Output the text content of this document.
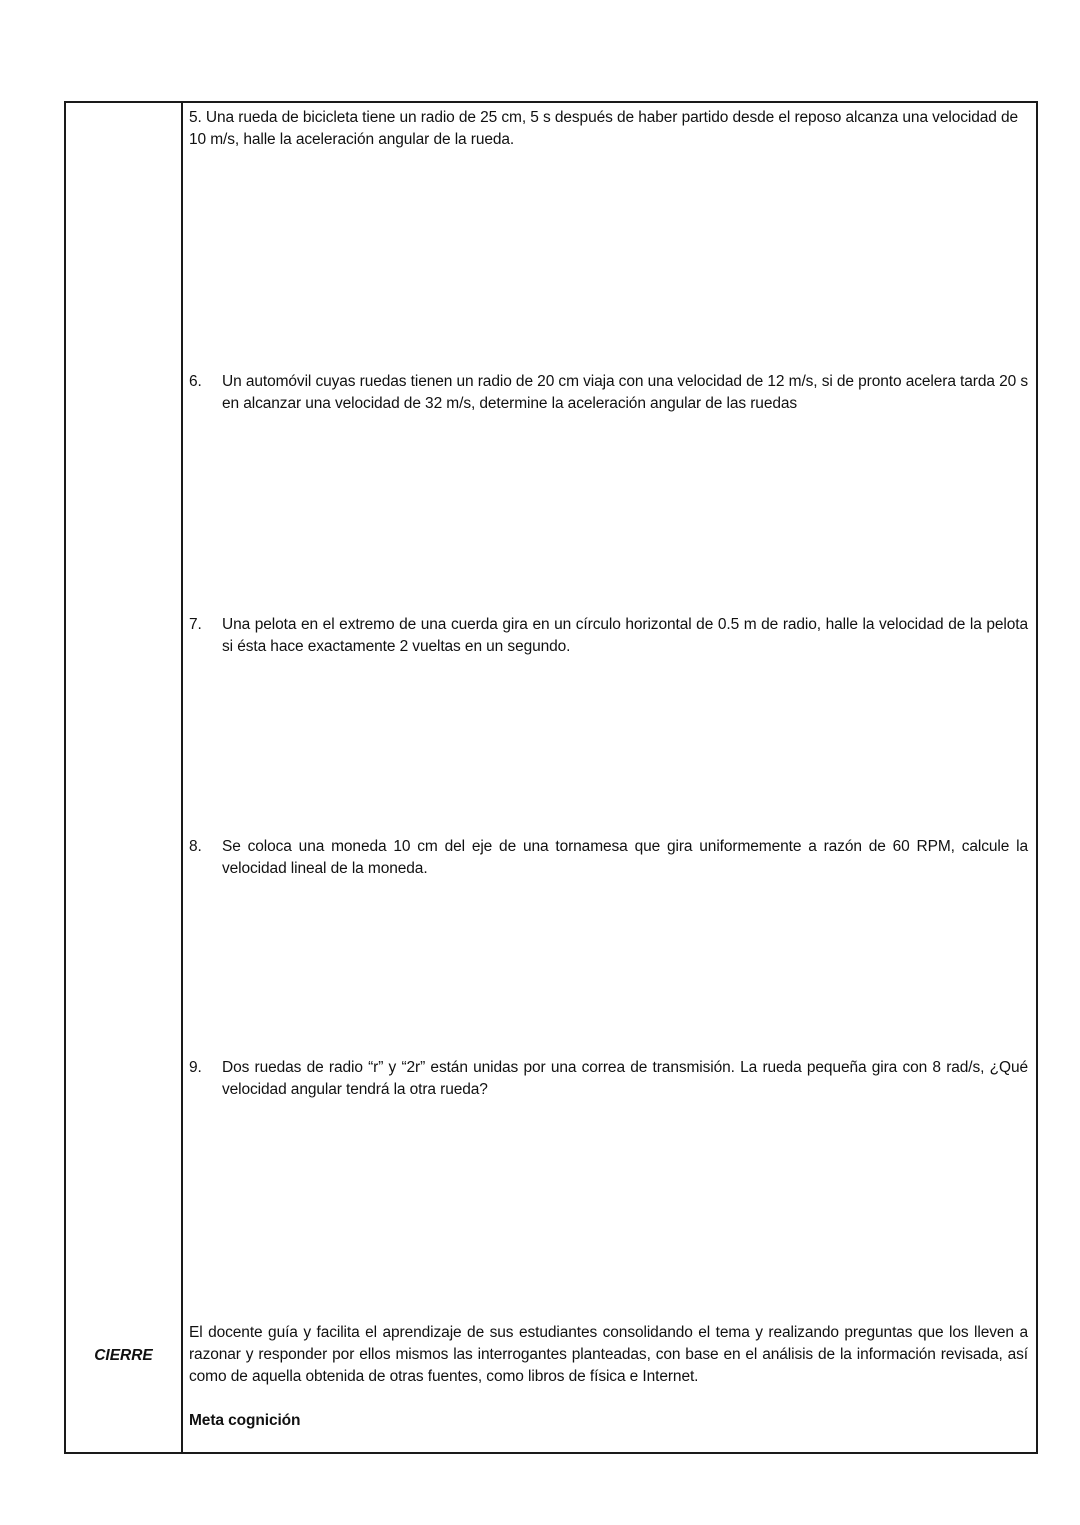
CIERRE

5. Una rueda de bicicleta tiene un radio de 25 cm, 5 s después de haber partido desde el reposo alcanza una velocidad de 10 m/s, halle la aceleración angular de la rueda.

6.	Un automóvil cuyas ruedas tienen un radio de 20 cm viaja con una velocidad de 12 m/s, si de pronto acelera tarda 20 s en alcanzar una velocidad de 32 m/s, determine la aceleración angular de las ruedas
7.	Una pelota en el extremo de una cuerda gira en un círculo horizontal de 0.5 m de radio, halle la velocidad de la pelota si ésta hace exactamente 2 vueltas en un segundo.
8.	Se coloca una moneda 10 cm del eje de una tornamesa que gira uniformemente a razón de 60 RPM, calcule la velocidad lineal de la moneda.
9.	Dos ruedas de radio “r” y “2r” están unidas por una correa de transmisión. La rueda pequeña gira con 8 rad/s, ¿Qué velocidad angular tendrá la otra rueda?

El docente guía y facilita el aprendizaje de sus estudiantes consolidando el tema y realizando preguntas que los lleven a razonar y responder por ellos mismos las interrogantes planteadas, con base en el análisis de la información revisada, así como de aquella obtenida de otras fuentes, como libros de física e Internet.

Meta cognición
